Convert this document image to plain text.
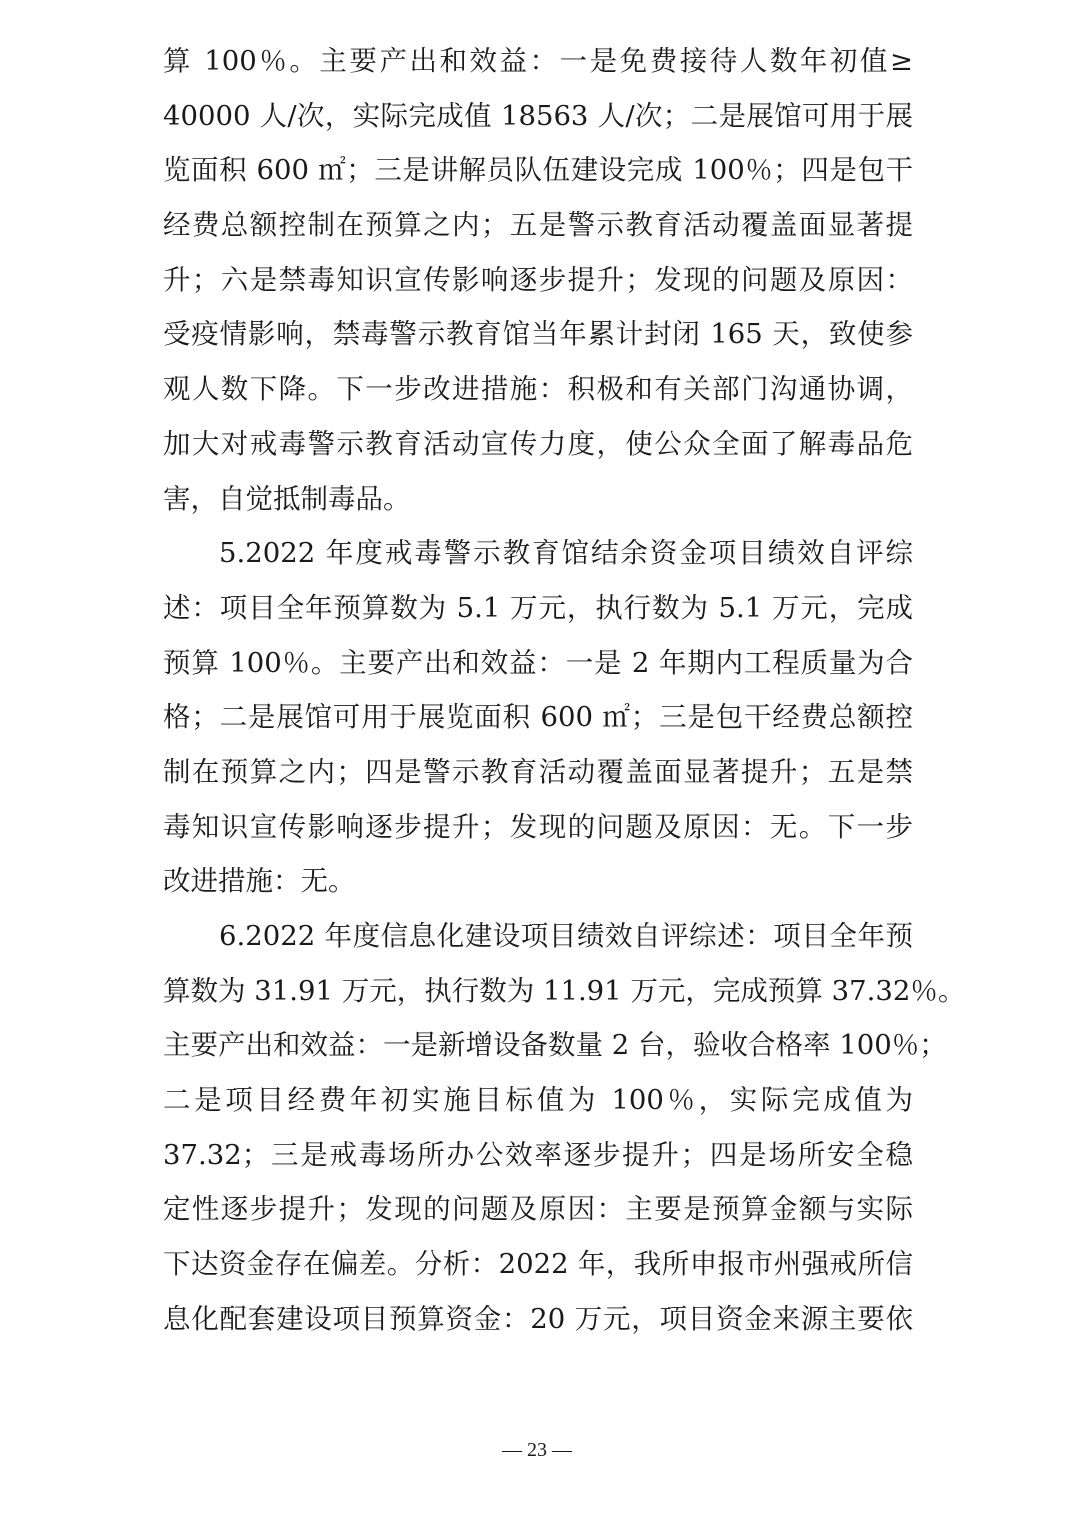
算 100％。主要产出和效益：一是免费接待人数年初值≥
40000 人/次，实际完成值 18563 人/次；二是展馆可用于展
览面积 600 ㎡；三是讲解员队伍建设完成 100％；四是包干
经费总额控制在预算之内；五是警示教育活动覆盖面显著提
升；六是禁毒知识宣传影响逐步提升；发现的问题及原因：
受疫情影响，禁毒警示教育馆当年累计封闭 165 天，致使参
观人数下降。下一步改进措施：积极和有关部门沟通协调，
加大对戒毒警示教育活动宣传力度，使公众全面了解毒品危
害，自觉抵制毒品。
5.2022 年度戒毒警示教育馆结余资金项目绩效自评综
述：项目全年预算数为 5.1 万元，执行数为 5.1 万元，完成
预算 100％。主要产出和效益：一是 2 年期内工程质量为合
格；二是展馆可用于展览面积 600 ㎡；三是包干经费总额控
制在预算之内；四是警示教育活动覆盖面显著提升；五是禁
毒知识宣传影响逐步提升；发现的问题及原因：无。下一步
改进措施：无。
6.2022 年度信息化建设项目绩效自评综述：项目全年预
算数为 31.91 万元，执行数为 11.91 万元，完成预算 37.32％。
主要产出和效益：一是新增设备数量 2 台，验收合格率 100％；
二是项目经费年初实施目标值为 100％，实际完成值为
37.32；三是戒毒场所办公效率逐步提升；四是场所安全稳
定性逐步提升；发现的问题及原因：主要是预算金额与实际
下达资金存在偏差。分析：2022 年，我所申报市州强戒所信
息化配套建设项目预算资金：20 万元，项目资金来源主要依
— 23 —
